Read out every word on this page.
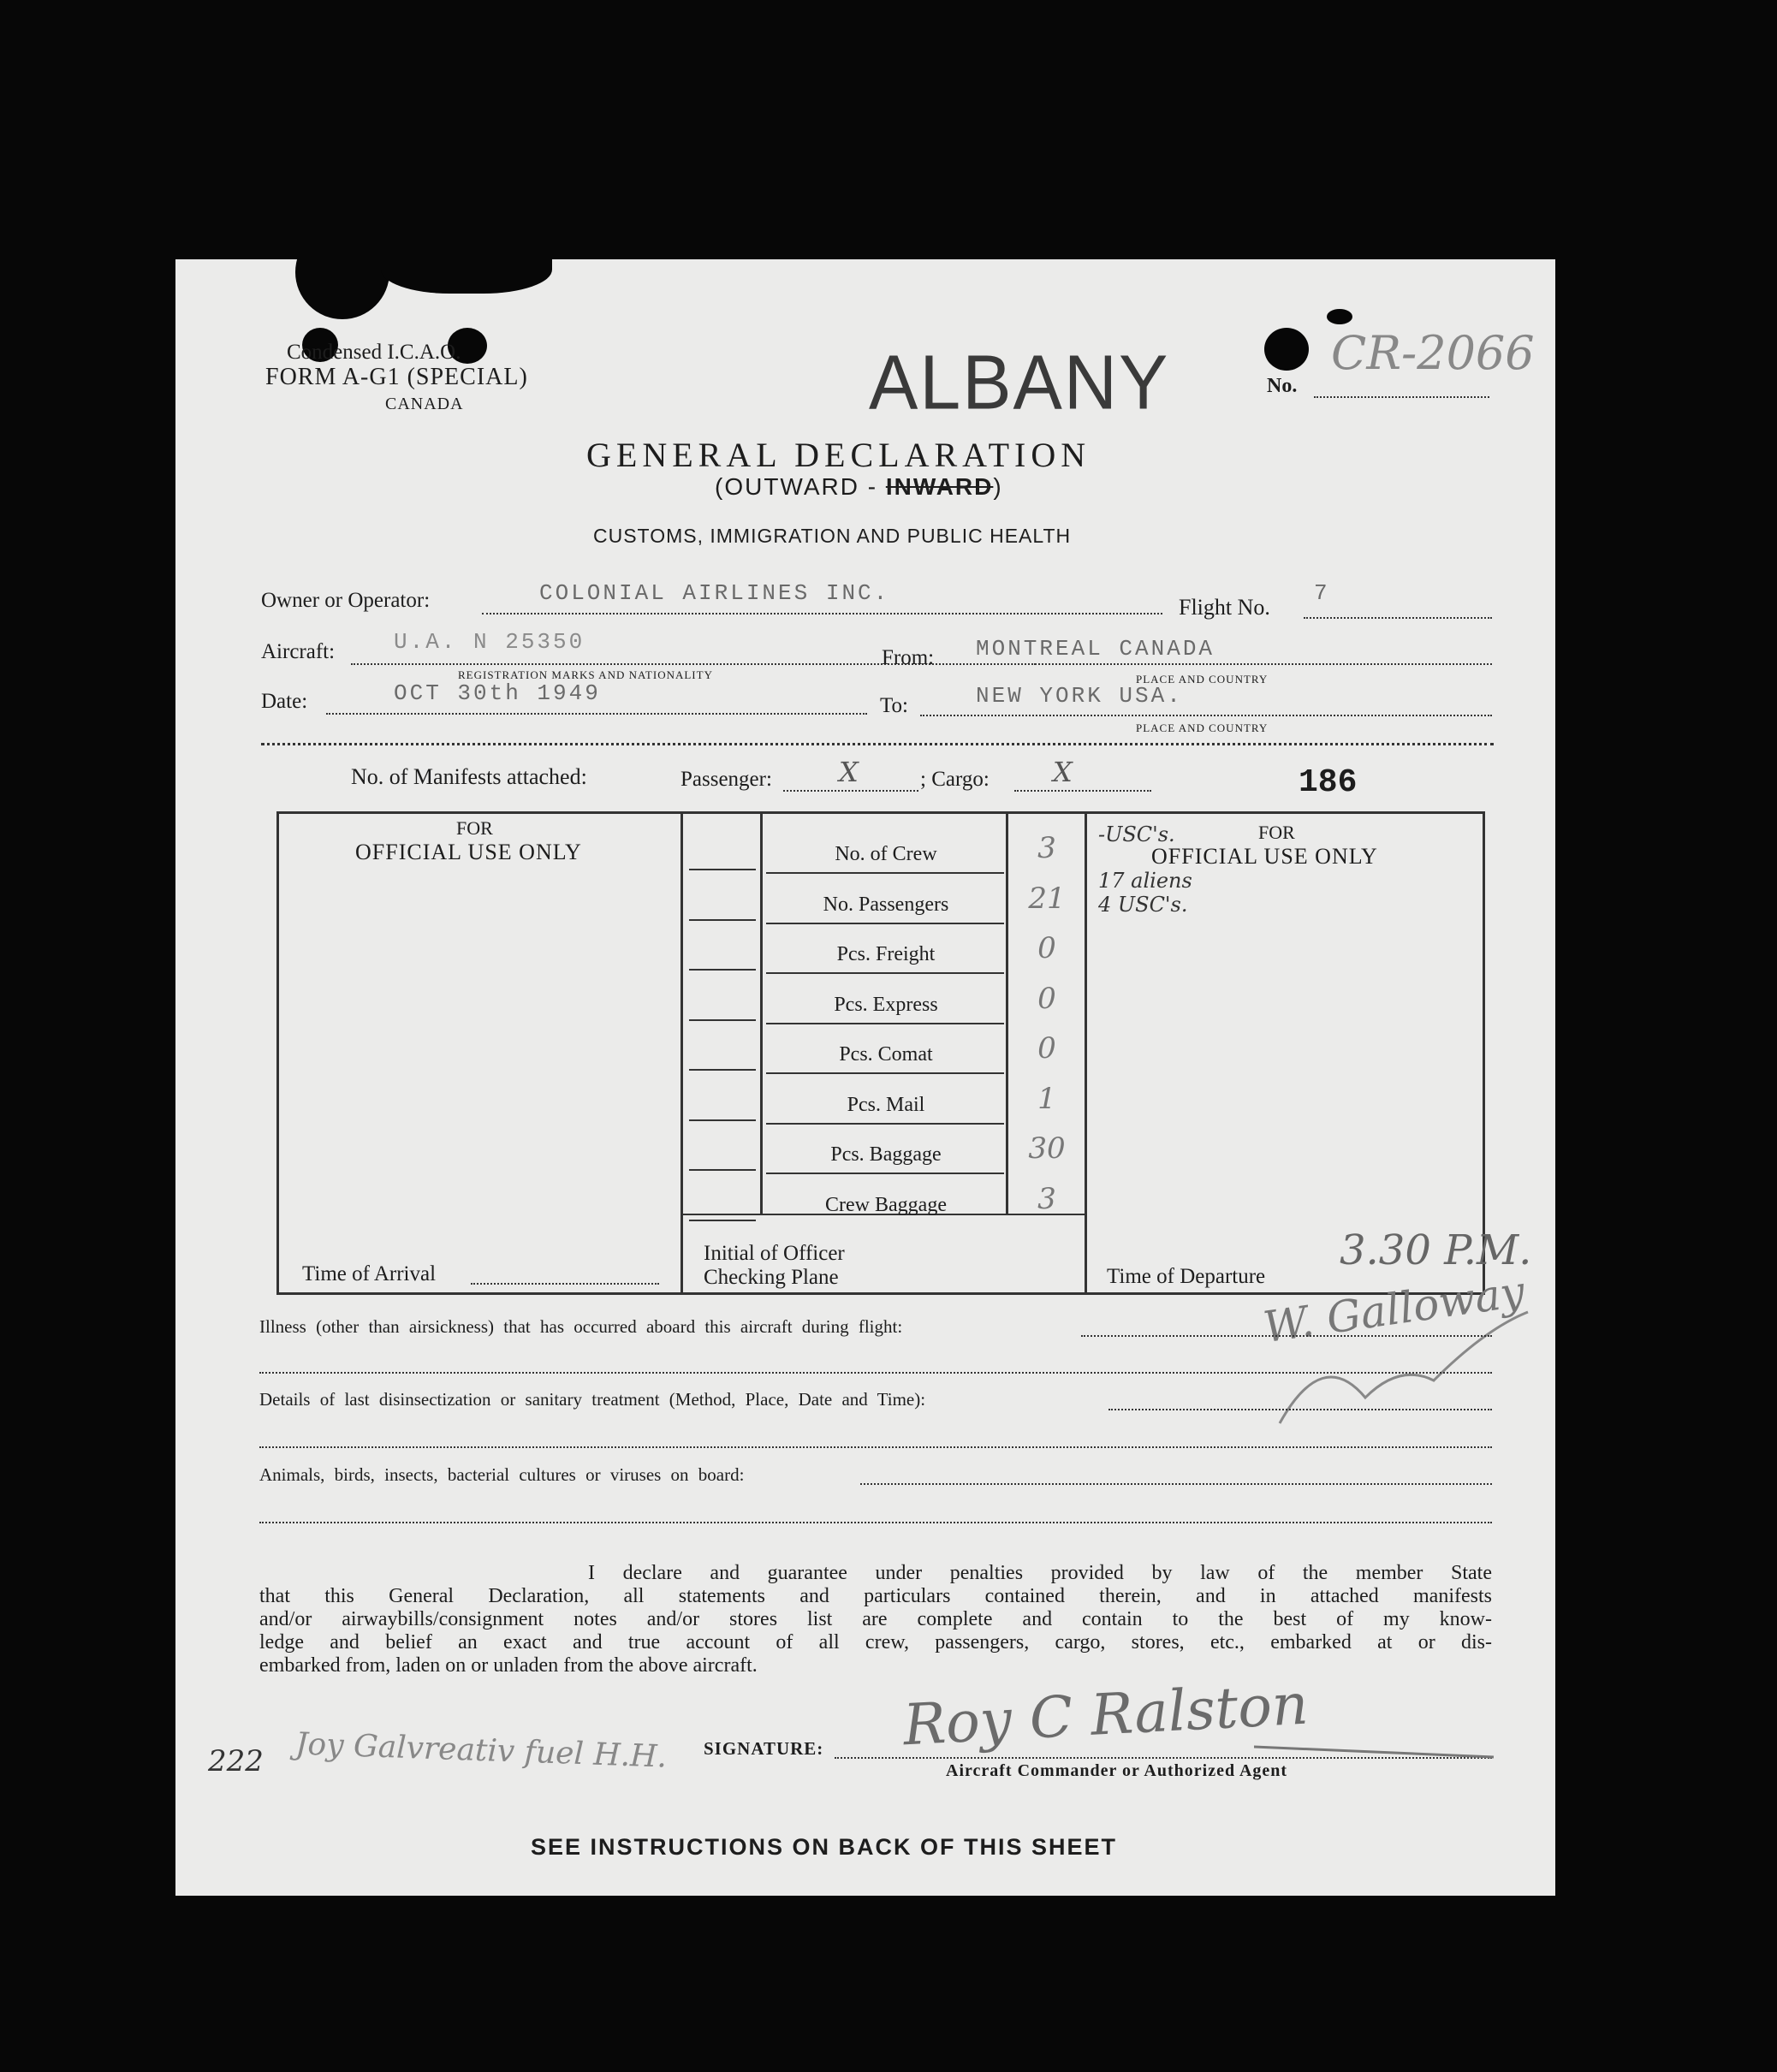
Condensed I.C.A.O.
FORM A-G1 (SPECIAL)
CANADA	ALBANY	No.
CR-2066
GENERAL DECLARATION
(OUTWARD - INWARD)
CUSTOMS, IMMIGRATION AND PUBLIC HEALTH
Owner or Operator:	COLONIAL AIRLINES INC.
Flight No.
7
Aircraft:	U.A. N 25350
REGISTRATION MARKS AND NATIONALITY
From: MONTREAL CANADA
PLACE AND COUNTRY
Date:	OCT 30th 1949	To:	NEW YORK USA.
PLACE AND COUNTRY
No. of Manifests attached:	Passenger: X	; Cargo: X	186
FOR
OFFICIAL USE ONLY
Time of Arrival
No. of Crew	3
No. Passengers	21
Pcs. Freight	0
Pcs. Express	0
Pcs. Comat	0
Pcs. Mail	1
Pcs. Baggage	30
Crew Baggage	3
Initial of Officer
Checking Plane
-USC's.	FOR
OFFICIAL USE ONLY
17 aliens
4 USC's.
Time of Departure
3.30 P.M.
W. Galloway
Illness (other than airsickness) that has occurred aboard this aircraft during flight:
Details of last disinsectization or sanitary treatment (Method, Place, Date and Time):
Animals, birds, insects, bacterial cultures or viruses on board:
I declare and guarantee under penalties provided by law of the member State
that this General Declaration, all statements and particulars contained therein, and in attached manifests
and/or airwaybills/consignment notes and/or stores list are complete and contain to the best of my know-
ledge and belief an exact and true account of all crew, passengers, cargo, stores, etc., embarked at or dis-
embarked from, laden on or unladen from the above aircraft.
222 Joy Galvreativ fuel H.H. SIGNATURE: Roy C Ralston
Aircraft Commander or Authorized Agent
SEE INSTRUCTIONS ON BACK OF THIS SHEET
